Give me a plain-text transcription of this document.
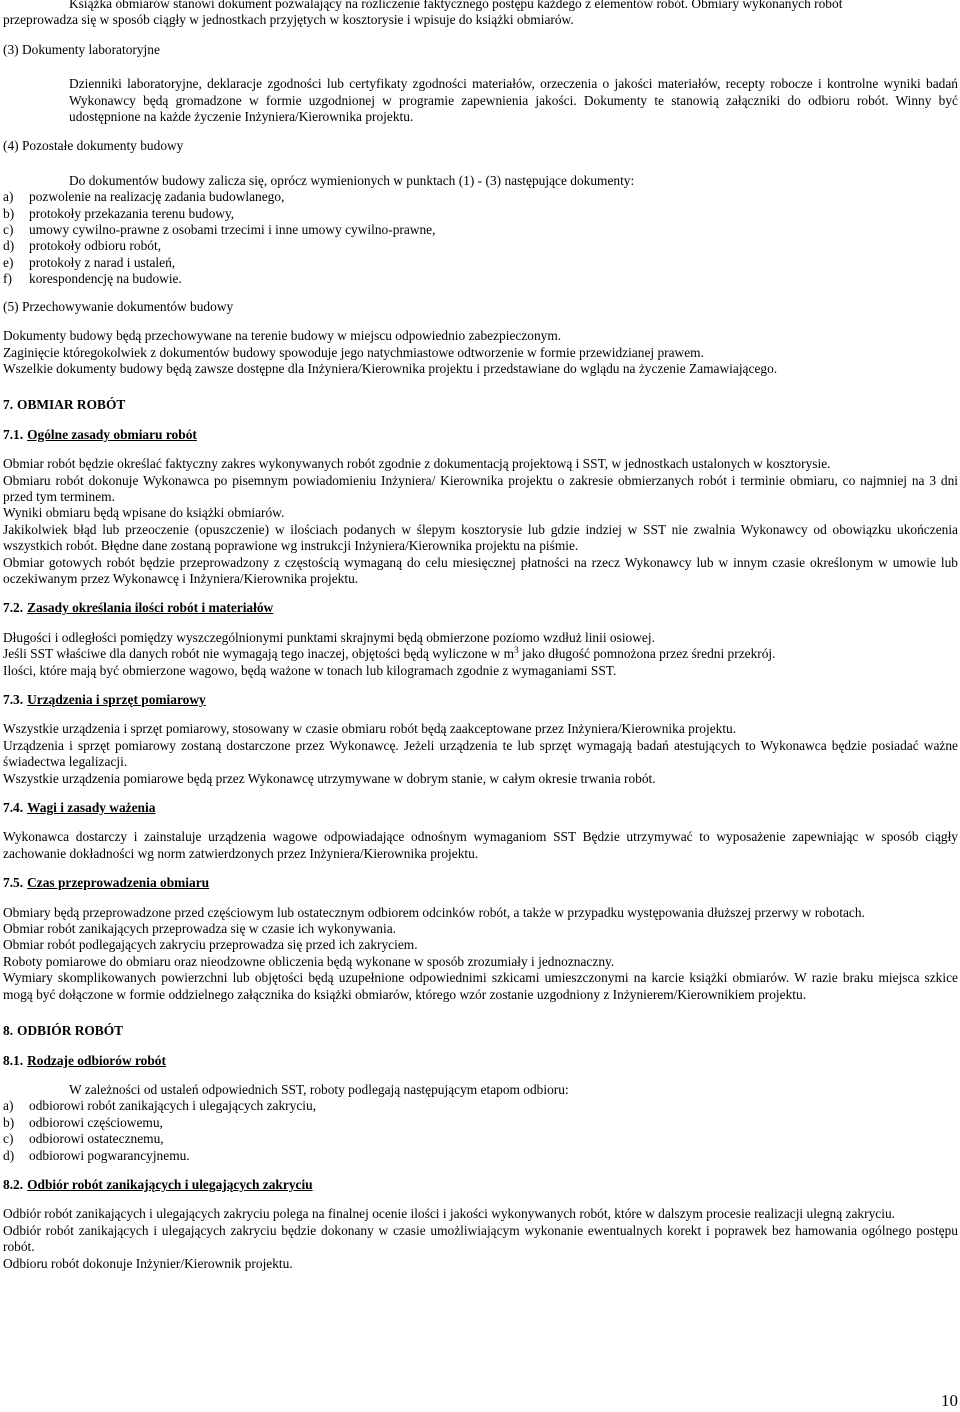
Książka obmiarów stanowi dokument pozwalający na rozliczenie faktycznego postępu każdego z elementów robót. Obmiary wykonanych robót

przeprowadza się w sposób ciągły w jednostkach przyjętych w kosztorysie i wpisuje do książki obmiarów.

(3) Dokumenty laboratoryjne

Dzienniki laboratoryjne, deklaracje zgodności lub certyfikaty zgodności materiałów, orzeczenia o jakości materiałów, recepty robocze i kontrolne wyniki badań Wykonawcy będą gromadzone w formie uzgodnionej w programie zapewnienia jakości. Dokumenty te stanowią załączniki do odbioru robót. Winny być udostępnione na każde życzenie Inżyniera/Kierownika projektu.

(4) Pozostałe dokumenty budowy

Do dokumentów budowy zalicza się, oprócz wymienionych w punktach (1) - (3) następujące dokumenty:

a)	pozwolenie na realizację zadania budowlanego,
b)	protokoły przekazania terenu budowy,
c)	umowy cywilno-prawne z osobami trzecimi i inne umowy cywilno-prawne,
d)	protokoły odbioru robót,
e)	protokoły z narad i ustaleń,
f)	korespondencję na budowie.

(5) Przechowywanie dokumentów budowy

Dokumenty budowy będą przechowywane na terenie budowy w miejscu odpowiednio zabezpieczonym.

Zaginięcie któregokolwiek z dokumentów budowy spowoduje jego natychmiastowe odtworzenie w formie przewidzianej prawem.

Wszelkie dokumenty budowy będą zawsze dostępne dla Inżyniera/Kierownika projektu i przedstawiane do wglądu na życzenie Zamawiającego.

7. OBMIAR ROBÓT
7.1. Ogólne zasady obmiaru robót

Obmiar robót będzie określać faktyczny zakres wykonywanych robót zgodnie z dokumentacją projektową i SST, w jednostkach ustalonych w kosztorysie.

Obmiaru robót dokonuje Wykonawca po pisemnym powiadomieniu Inżyniera/ Kierownika projektu o zakresie obmierzanych robót i terminie obmiaru, co najmniej na 3 dni przed tym terminem.

Wyniki obmiaru będą wpisane do książki obmiarów.

Jakikolwiek błąd lub przeoczenie (opuszczenie) w ilościach podanych w ślepym kosztorysie lub gdzie indziej w SST nie zwalnia Wykonawcy od obowiązku ukończenia wszystkich robót. Błędne dane zostaną poprawione wg instrukcji Inżyniera/Kierownika projektu na piśmie.

Obmiar gotowych robót będzie przeprowadzony z częstością wymaganą do celu miesięcznej płatności na rzecz Wykonawcy lub w innym czasie określonym w umowie lub oczekiwanym przez Wykonawcę i Inżyniera/Kierownika projektu.

7.2. Zasady określania ilości robót i materiałów

Długości i odległości pomiędzy wyszczególnionymi punktami skrajnymi będą obmierzone poziomo wzdłuż linii osiowej.

Jeśli SST właściwe dla danych robót nie wymagają tego inaczej, objętości będą wyliczone w $m^3$ jako długość pomnożona przez średni przekrój.

Ilości, które mają być obmierzone wagowo, będą ważone w tonach lub kilogramach zgodnie z wymaganiami SST.

7.3. Urządzenia i sprzęt pomiarowy

Wszystkie urządzenia i sprzęt pomiarowy, stosowany w czasie obmiaru robót będą zaakceptowane przez Inżyniera/Kierownika projektu.

Urządzenia i sprzęt pomiarowy zostaną dostarczone przez Wykonawcę. Jeżeli urządzenia te lub sprzęt wymagają badań atestujących to Wykonawca będzie posiadać ważne świadectwa legalizacji.

Wszystkie urządzenia pomiarowe będą przez Wykonawcę utrzymywane w dobrym stanie, w całym okresie trwania robót.

7.4. Wagi i zasady ważenia

Wykonawca dostarczy i zainstaluje urządzenia wagowe odpowiadające odnośnym wymaganiom SST Będzie utrzymywać to wyposażenie zapewniając w sposób ciągły zachowanie dokładności wg norm zatwierdzonych przez Inżyniera/Kierownika projektu.

7.5. Czas przeprowadzenia obmiaru

Obmiary będą przeprowadzone przed częściowym lub ostatecznym odbiorem odcinków robót, a także w przypadku występowania dłuższej przerwy w robotach.

Obmiar robót zanikających przeprowadza się w czasie ich wykonywania.

Obmiar robót podlegających zakryciu przeprowadza się przed ich zakryciem.

Roboty pomiarowe do obmiaru oraz nieodzowne obliczenia będą wykonane w sposób zrozumiały i jednoznaczny.

Wymiary skomplikowanych powierzchni lub objętości będą uzupełnione odpowiednimi szkicami umieszczonymi na karcie książki obmiarów. W razie braku miejsca szkice mogą być dołączone w formie oddzielnego załącznika do książki obmiarów, którego wzór zostanie uzgodniony z Inżynierem/Kierownikiem projektu.

8. ODBIÓR ROBÓT
8.1. Rodzaje odbiorów robót

W zależności od ustaleń odpowiednich SST, roboty podlegają następującym etapom odbioru:

a)	odbiorowi robót zanikających i ulegających zakryciu,
b)	odbiorowi częściowemu,
c)	odbiorowi ostatecznemu,
d)	odbiorowi pogwarancyjnemu.
8.2. Odbiór robót zanikających i ulegających zakryciu

Odbiór robót zanikających i ulegających zakryciu polega na finalnej ocenie ilości i jakości wykonywanych robót, które w dalszym procesie realizacji ulegną zakryciu.

Odbiór robót zanikających i ulegających zakryciu będzie dokonany w czasie umożliwiającym wykonanie ewentualnych korekt i poprawek bez hamowania ogólnego postępu robót.

Odbioru robót dokonuje Inżynier/Kierownik projektu.

10
